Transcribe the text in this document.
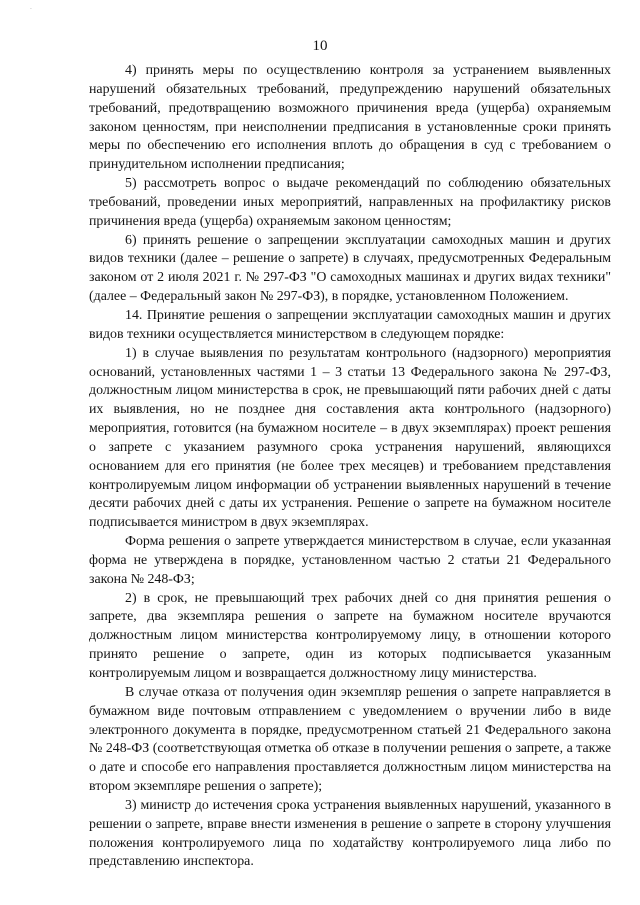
·
10

4) принять меры по осуществлению контроля за устранением выявленных нарушений обязательных требований, предупреждению нарушений обязательных требований, предотвращению возможного причинения вреда (ущерба) охраняемым законом ценностям, при неисполнении предписания в установленные сроки принять меры по обеспечению его исполнения вплоть до обращения в суд с требованием о принудительном исполнении предписания;

5) рассмотреть вопрос о выдаче рекомендаций по соблюдению обязательных требований, проведении иных мероприятий, направленных на профилактику рисков причинения вреда (ущерба) охраняемым законом ценностям;

6) принять решение о запрещении эксплуатации самоходных машин и других видов техники (далее – решение о запрете) в случаях, предусмотренных Федеральным законом от 2 июля 2021 г. № 297-ФЗ "О самоходных машинах и других видах техники" (далее – Федеральный закон № 297-ФЗ), в порядке, установленном Положением.

14. Принятие решения о запрещении эксплуатации самоходных машин и других видов техники осуществляется министерством в следующем порядке:

1) в случае выявления по результатам контрольного (надзорного) мероприятия оснований, установленных частями 1 – 3 статьи 13 Федерального закона № 297-ФЗ, должностным лицом министерства в срок, не превышающий пяти рабочих дней с даты их выявления, но не позднее дня составления акта контрольного (надзорного) мероприятия, готовится (на бумажном носителе – в двух экземплярах) проект решения о запрете с указанием разумного срока устранения нарушений, являющихся основанием для его принятия (не более трех месяцев) и требованием представления контролируемым лицом информации об устранении выявленных нарушений в течение десяти рабочих дней с даты их устранения. Решение о запрете на бумажном носителе подписывается министром в двух экземплярах.

Форма решения о запрете утверждается министерством в случае, если указанная форма не утверждена в порядке, установленном частью 2 статьи 21 Федерального закона № 248-ФЗ;

2) в срок, не превышающий трех рабочих дней со дня принятия решения о запрете, два экземпляра решения о запрете на бумажном носителе вручаются должностным лицом министерства контролируемому лицу, в отношении которого принято решение о запрете, один из которых подписывается указанным контролируемым лицом и возвращается должностному лицу министерства.

В случае отказа от получения один экземпляр решения о запрете направляется в бумажном виде почтовым отправлением с уведомлением о вручении либо в виде электронного документа в порядке, предусмотренном статьей 21 Федерального закона № 248-ФЗ (соответствующая отметка об отказе в получении решения о запрете, а также о дате и способе его направления проставляется должностным лицом министерства на втором экземпляре решения о запрете);

3) министр до истечения срока устранения выявленных нарушений, указанного в решении о запрете, вправе внести изменения в решение о запрете в сторону улучшения положения контролируемого лица по ходатайству контролируемого лица либо по представлению инспектора.
